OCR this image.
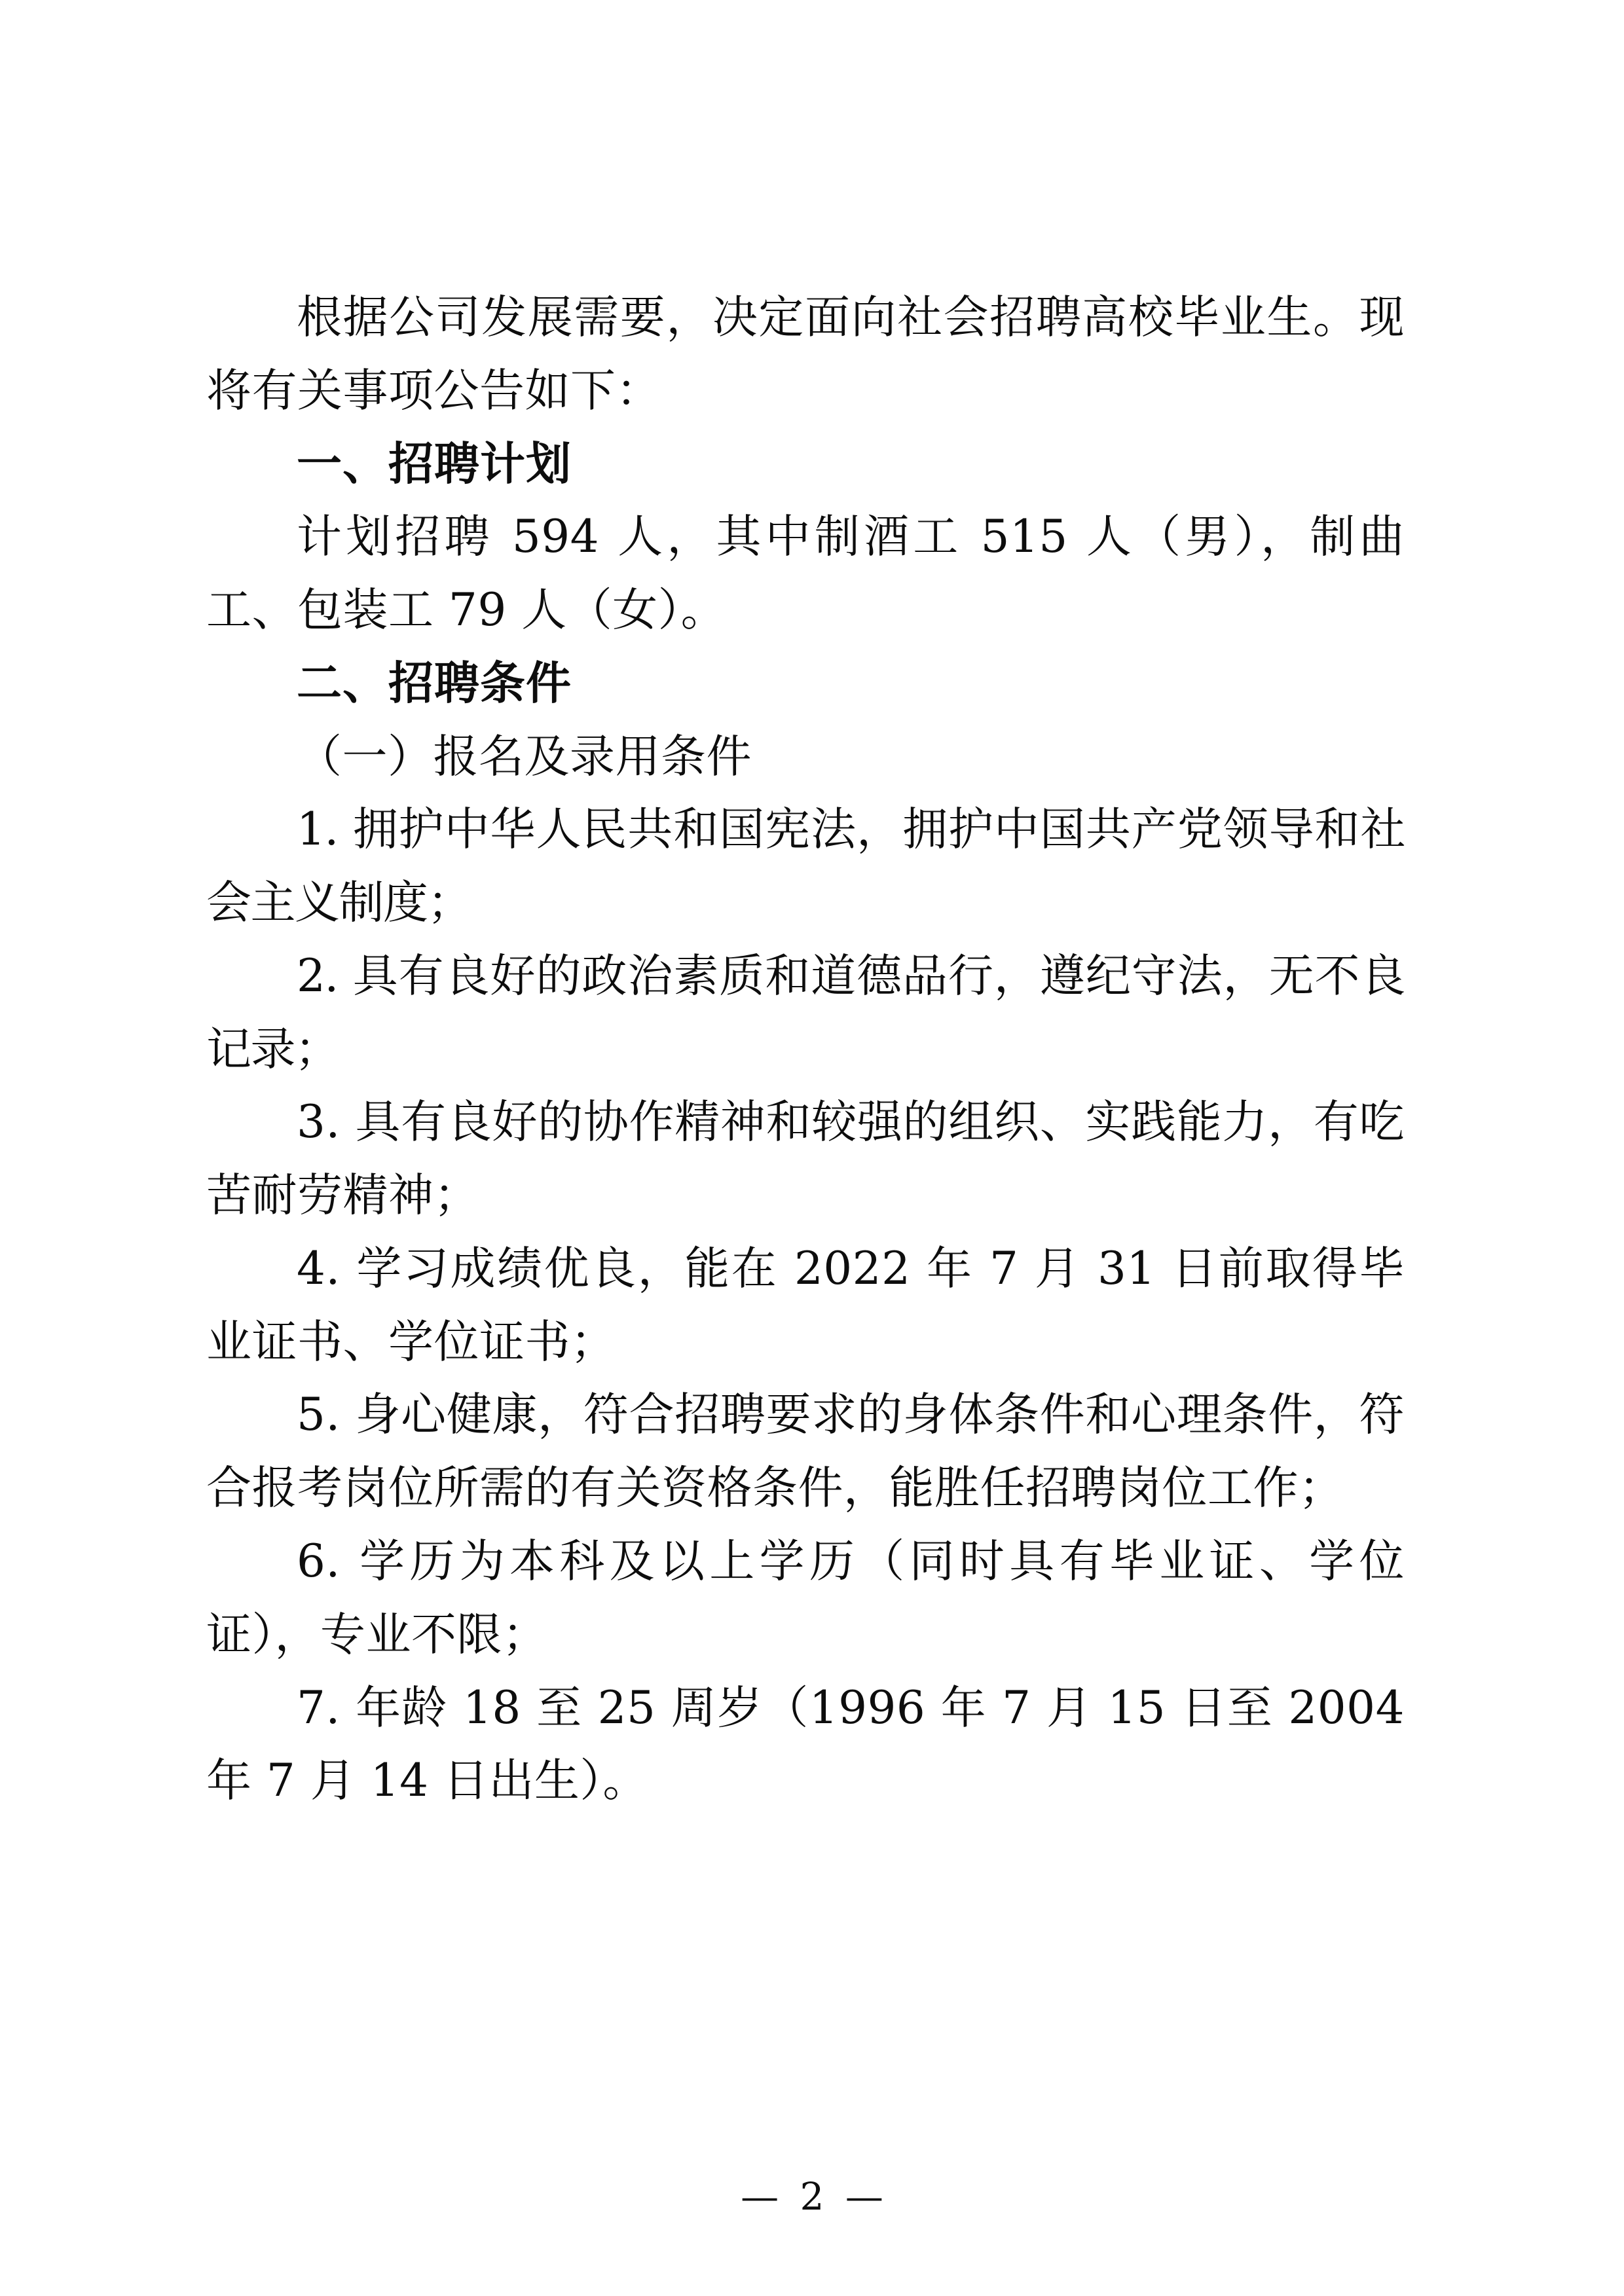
根据公司发展需要，决定面向社会招聘高校毕业生。现将有关事项公告如下：

一、招聘计划

计划招聘 594 人，其中制酒工 515 人（男），制曲工、包装工 79 人（女）。

二、招聘条件

（一）报名及录用条件

1. 拥护中华人民共和国宪法，拥护中国共产党领导和社会主义制度；

2. 具有良好的政治素质和道德品行，遵纪守法，无不良记录；

3. 具有良好的协作精神和较强的组织、实践能力，有吃苦耐劳精神；

4. 学习成绩优良，能在 2022 年 7 月 31 日前取得毕业证书、学位证书；

5. 身心健康，符合招聘要求的身体条件和心理条件，符合报考岗位所需的有关资格条件，能胜任招聘岗位工作；

6. 学历为本科及以上学历（同时具有毕业证、学位证），专业不限；

7. 年龄 18 至 25 周岁（1996 年 7 月 15 日至 2004 年 7 月 14 日出生）。

— 2 —
